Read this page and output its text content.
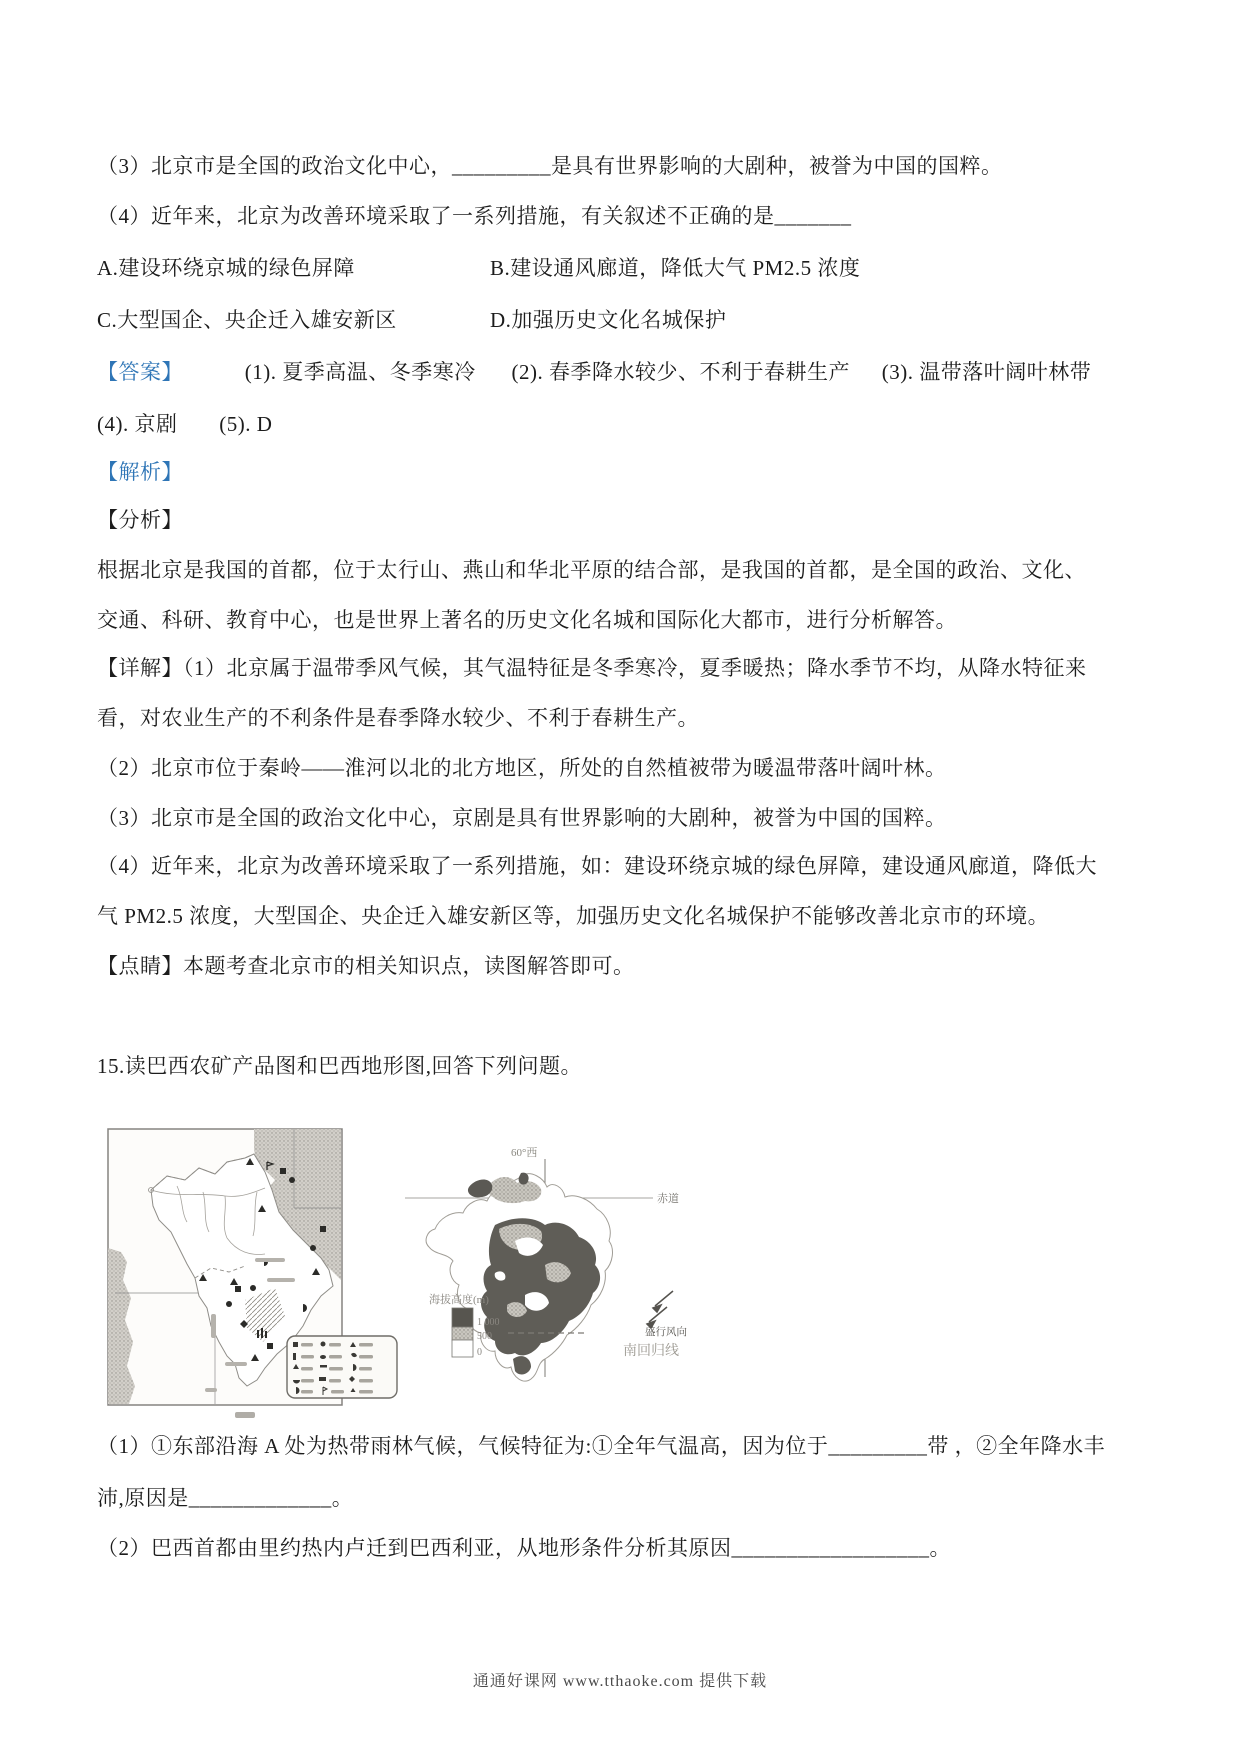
（3）北京市是全国的政治文化中心，_________是具有世界影响的大剧种，被誉为中国的国粹。
（4）近年来，北京为改善环境采取了一系列措施，有关叙述不正确的是_______
A.建设环绕京城的绿色屏障	B.建设通风廊道，降低大气 PM2.5 浓度
C.大型国企、央企迁入雄安新区	D.加强历史文化名城保护
【答案】	(1). 夏季高温、冬季寒冷 (2). 春季降水较少、不利于春耕生产 (3). 温带落叶阔叶林带
(4). 京剧 (5). D
【解析】
【分析】
根据北京是我国的首都，位于太行山、燕山和华北平原的结合部，是我国的首都，是全国的政治、文化、
交通、科研、教育中心，也是世界上著名的历史文化名城和国际化大都市，进行分析解答。
【详解】（1）北京属于温带季风气候，其气温特征是冬季寒冷，夏季暖热；降水季节不均，从降水特征来
看，对农业生产的不利条件是春季降水较少、不利于春耕生产。
（2）北京市位于秦岭——淮河以北的北方地区，所处的自然植被带为暖温带落叶阔叶林。
（3）北京市是全国的政治文化中心，京剧是具有世界影响的大剧种，被誉为中国的国粹。
（4）近年来，北京为改善环境采取了一系列措施，如：建设环绕京城的绿色屏障，建设通风廊道，降低大
气 PM2.5 浓度，大型国企、央企迁入雄安新区等，加强历史文化名城保护不能够改善北京市的环境。
【点睛】本题考查北京市的相关知识点，读图解答即可。
15.读巴西农矿产品图和巴西地形图,回答下列问题。
60°西
赤道
海拔高度(m)
1 000
500
0
盛行风向
南回归线
（1）①东部沿海 A 处为热带雨林气候，气候特征为:①全年气温高，因为位于_________带 ，②全年降水丰
沛,原因是_____________。
（2）巴西首都由里约热内卢迁到巴西利亚，从地形条件分析其原因__________________。
通通好课网 www.tthaoke.com 提供下载
